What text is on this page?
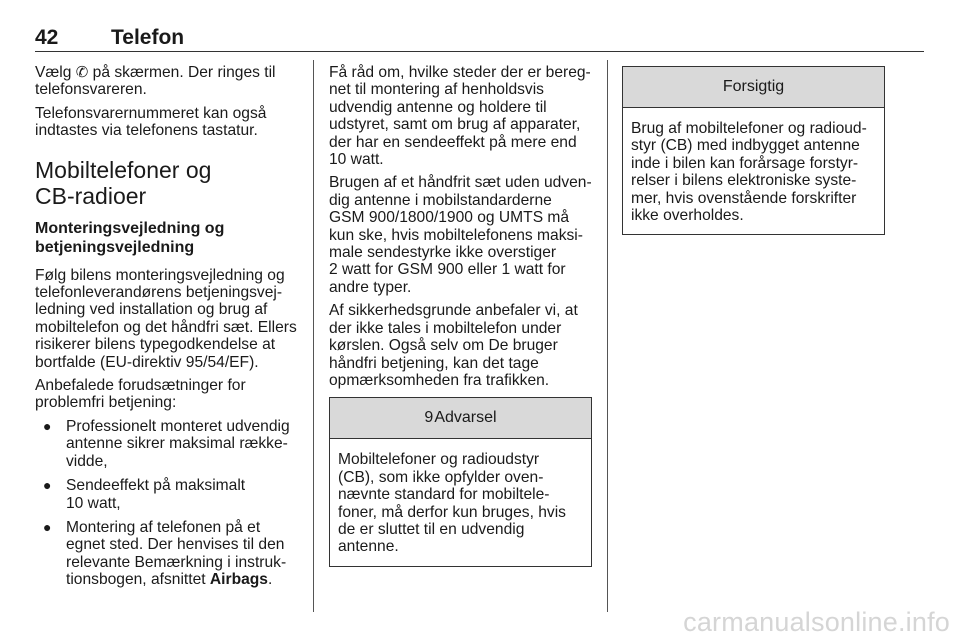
42	Telefon

Vælg ✆ på skærmen. Der ringes til
telefonsvareren.

Telefonsvarernummeret kan også
indtastes via telefonens tastatur.

Mobiltelefoner og
CB-radioer
Monteringsvejledning og
betjeningsvejledning

Følg bilens monteringsvejledning og
telefonleverandørens betjeningsvej-
ledning ved installation og brug af
mobiltelefon og det håndfri sæt. Ellers
risikerer bilens typegodkendelse at
bortfalde (EU-direktiv 95/54/EF).

Anbefalede forudsætninger for
problemfri betjening:

● Professionelt monteret udvendig
antenne sikrer maksimal række-
vidde,
● Sendeeffekt på maksimalt
10 watt,
● Montering af telefonen på et
egnet sted. Der henvises til den
relevante Bemærkning i instruk-
tionsbogen, afsnittet Airbags.

Få råd om, hvilke steder der er bereg-
net til montering af henholdsvis
udvendig antenne og holdere til
udstyret, samt om brug af apparater,
der har en sendeeffekt på mere end
10 watt.

Brugen af et håndfrit sæt uden udven-
dig antenne i mobilstandarderne
GSM 900/1800/1900 og UMTS må
kun ske, hvis mobiltelefonens maksi-
male sendestyrke ikke overstiger
2 watt for GSM 900 eller 1 watt for
andre typer.

Af sikkerhedsgrunde anbefaler vi, at
der ikke tales i mobiltelefon under
kørslen. Også selv om De bruger
håndfri betjening, kan det tage
opmærksomheden fra trafikken.

9Advarsel
Mobiltelefoner og radioudstyr
(CB), som ikke opfylder oven-
nævnte standard for mobiltele-
foner, må derfor kun bruges, hvis
de er sluttet til en udvendig
antenne.
Forsigtig
Brug af mobiltelefoner og radioud-
styr (CB) med indbygget antenne
inde i bilen kan forårsage forstyr-
relser i bilens elektroniske syste-
mer, hvis ovenstående forskrifter
ikke overholdes.
carmanualsonline.info
